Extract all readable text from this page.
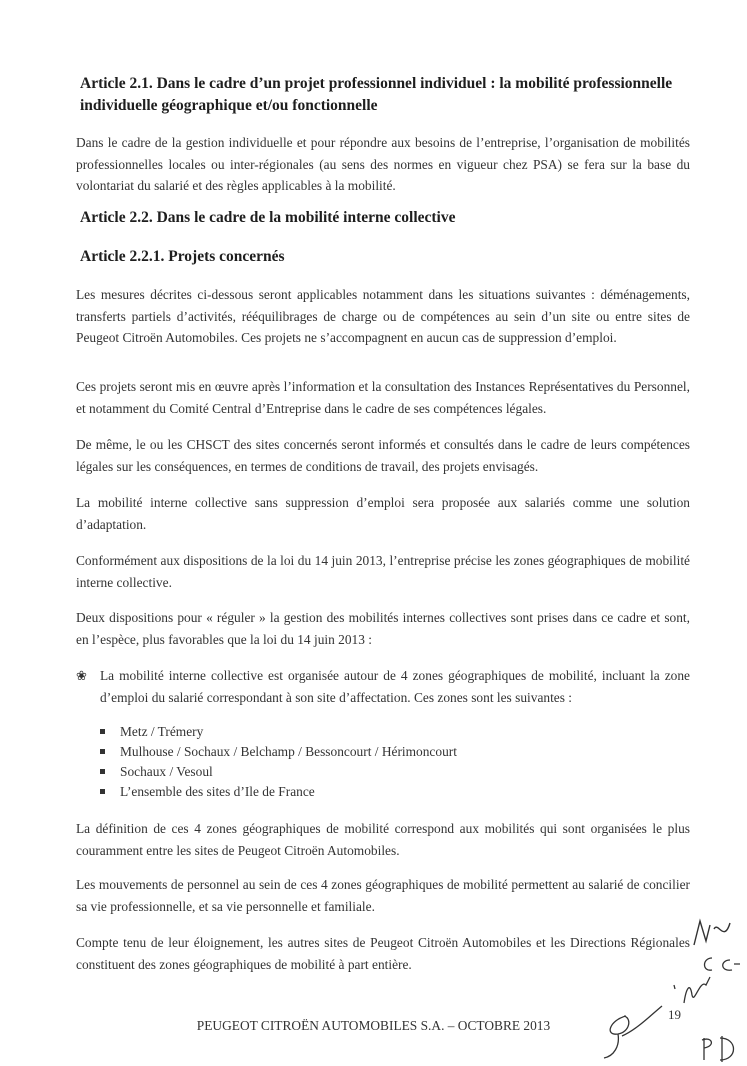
Article 2.1. Dans le cadre d’un projet professionnel individuel : la mobilité professionnelle individuelle géographique et/ou fonctionnelle
Dans le cadre de la gestion individuelle et pour répondre aux besoins de l’entreprise, l’organisation de mobilités professionnelles locales ou inter-régionales (au sens des normes en vigueur chez PSA) se fera sur la base du volontariat du salarié et des règles applicables à la mobilité.
Article 2.2. Dans le cadre de la mobilité interne collective
Article 2.2.1. Projets concernés
Les mesures décrites ci-dessous seront applicables notamment dans les situations suivantes : déménagements, transferts partiels d’activités, rééquilibrages de charge ou de compétences au sein d’un site ou entre sites de Peugeot Citroën Automobiles. Ces projets ne s’accompagnent en aucun cas de suppression d’emploi.
Ces projets seront mis en œuvre après l’information et la consultation des Instances Représentatives du Personnel, et notamment du Comité Central d’Entreprise dans le cadre de ses compétences légales.
De même, le ou les CHSCT des sites concernés seront informés et consultés dans le cadre de leurs compétences légales sur les conséquences, en termes de conditions de travail, des projets envisagés.
La mobilité interne collective sans suppression d’emploi sera proposée aux salariés comme une solution d’adaptation.
Conformément aux dispositions de la loi du 14 juin 2013, l’entreprise précise les zones géographiques de mobilité interne collective.
Deux dispositions pour « réguler » la gestion des mobilités internes collectives sont prises dans ce cadre et sont, en l’espèce, plus favorables que la loi du 14 juin 2013 :
❀ La mobilité interne collective est organisée autour de 4 zones géographiques de mobilité, incluant la zone d’emploi du salarié correspondant à son site d’affectation. Ces zones sont les suivantes :
Metz / Trémery
Mulhouse / Sochaux / Belchamp / Bessoncourt / Hérimoncourt
Sochaux / Vesoul
L’ensemble des sites d’Ile de France
La définition de ces 4 zones géographiques de mobilité correspond aux mobilités qui sont organisées le plus couramment entre les sites de Peugeot Citroën Automobiles.
Les mouvements de personnel au sein de ces 4 zones géographiques de mobilité permettent au salarié de concilier sa vie professionnelle, et sa vie personnelle et familiale.
Compte tenu de leur éloignement, les autres sites de Peugeot Citroën Automobiles et les Directions Régionales constituent des zones géographiques de mobilité à part entière.
19
PEUGEOT CITROËN AUTOMOBILES S.A. – OCTOBRE 2013
